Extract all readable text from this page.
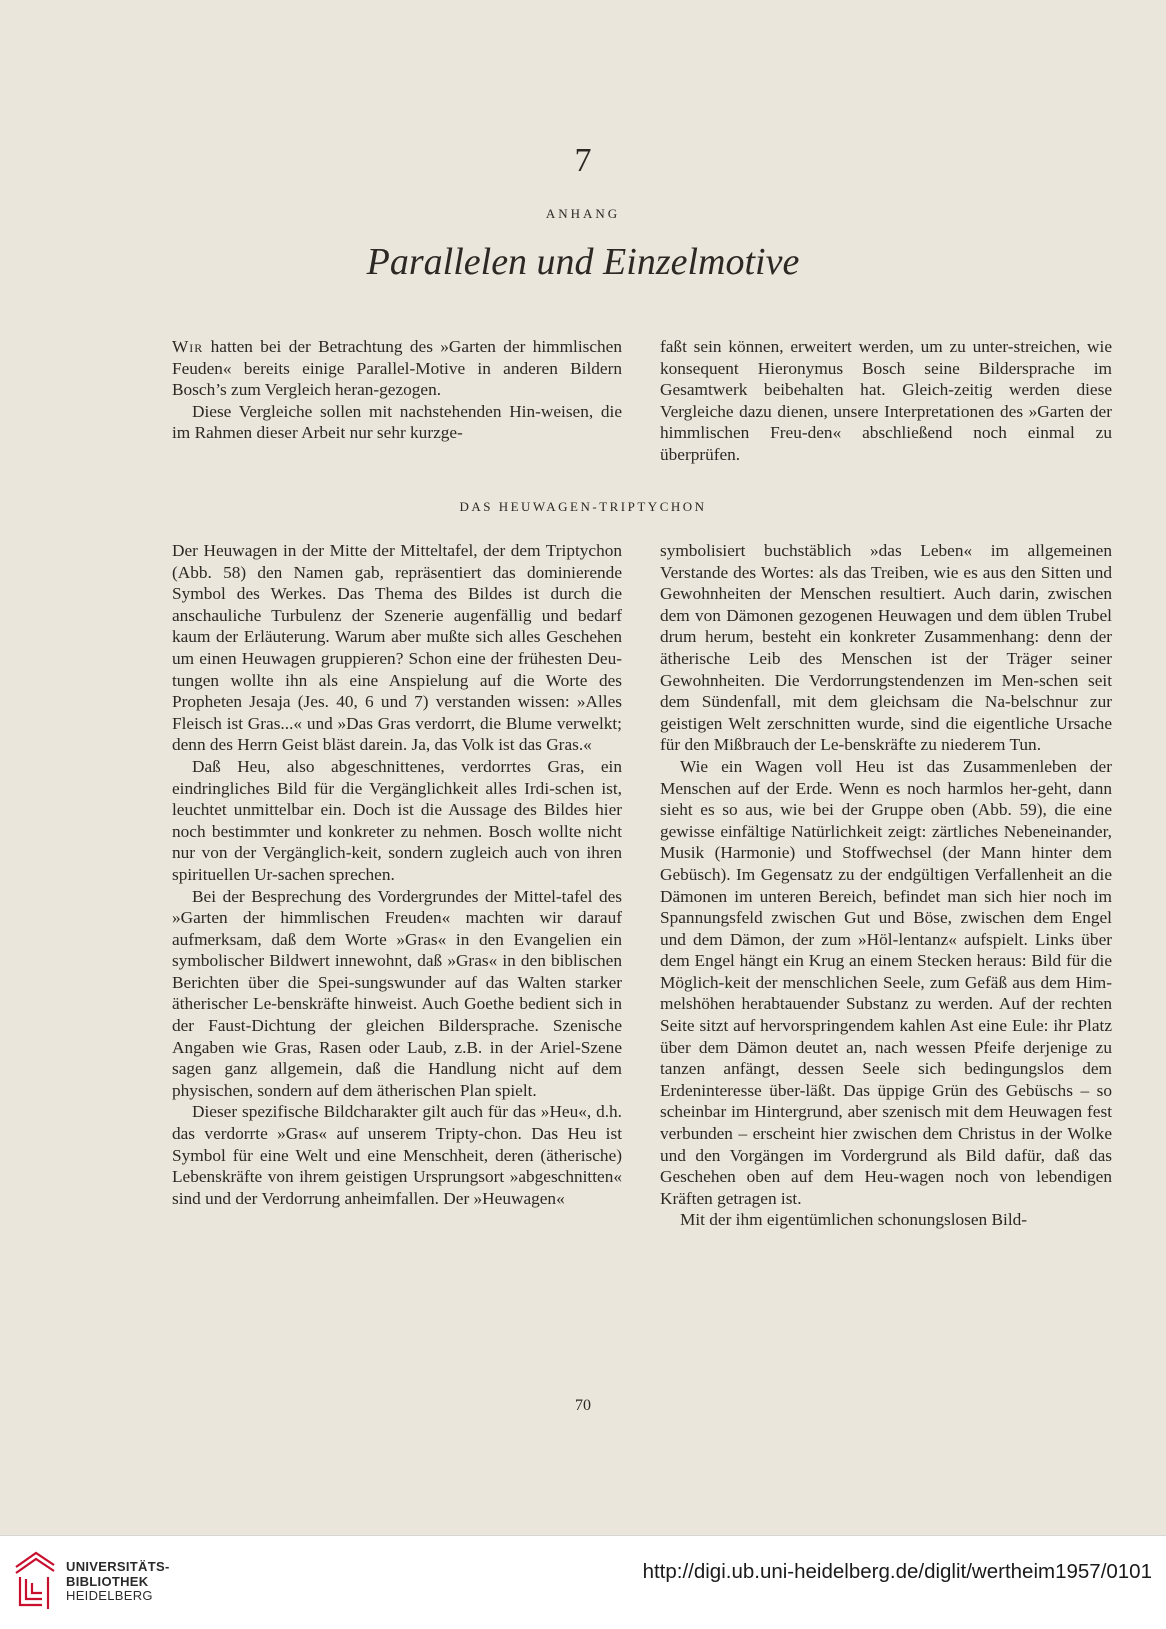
7
ANHANG
Parallelen und Einzelmotive

Wir hatten bei der Betrachtung des »Garten der himmlischen Feuden« bereits einige Parallel-Motive in anderen Bildern Bosch’s zum Vergleich heran-gezogen.

Diese Vergleiche sollen mit nachstehenden Hin-weisen, die im Rahmen dieser Arbeit nur sehr kurzge-

faßt sein können, erweitert werden, um zu unter-streichen, wie konsequent Hieronymus Bosch seine Bildersprache im Gesamtwerk beibehalten hat. Gleich-zeitig werden diese Vergleiche dazu dienen, unsere Interpretationen des »Garten der himmlischen Freu-den« abschließend noch einmal zu überprüfen.

DAS HEUWAGEN-TRIPTYCHON

Der Heuwagen in der Mitte der Mitteltafel, der dem Triptychon (Abb. 58) den Namen gab, repräsentiert das dominierende Symbol des Werkes. Das Thema des Bildes ist durch die anschauliche Turbulenz der Szenerie augenfällig und bedarf kaum der Erläuterung. Warum aber mußte sich alles Geschehen um einen Heuwagen gruppieren? Schon eine der frühesten Deu-tungen wollte ihn als eine Anspielung auf die Worte des Propheten Jesaja (Jes. 40, 6 und 7) verstanden wissen: »Alles Fleisch ist Gras...« und »Das Gras verdorrt, die Blume verwelkt; denn des Herrn Geist bläst darein. Ja, das Volk ist das Gras.«

Daß Heu, also abgeschnittenes, verdorrtes Gras, ein eindringliches Bild für die Vergänglichkeit alles Irdi-schen ist, leuchtet unmittelbar ein. Doch ist die Aussage des Bildes hier noch bestimmter und konkreter zu nehmen. Bosch wollte nicht nur von der Vergänglich-keit, sondern zugleich auch von ihren spirituellen Ur-sachen sprechen.

Bei der Besprechung des Vordergrundes der Mittel-tafel des »Garten der himmlischen Freuden« machten wir darauf aufmerksam, daß dem Worte »Gras« in den Evangelien ein symbolischer Bildwert innewohnt, daß »Gras« in den biblischen Berichten über die Spei-sungswunder auf das Walten starker ätherischer Le-benskräfte hinweist. Auch Goethe bedient sich in der Faust-Dichtung der gleichen Bildersprache. Szenische Angaben wie Gras, Rasen oder Laub, z.B. in der Ariel-Szene sagen ganz allgemein, daß die Handlung nicht auf dem physischen, sondern auf dem ätherischen Plan spielt.

Dieser spezifische Bildcharakter gilt auch für das »Heu«, d.h. das verdorrte »Gras« auf unserem Tripty-chon. Das Heu ist Symbol für eine Welt und eine Menschheit, deren (ätherische) Lebenskräfte von ihrem geistigen Ursprungsort »abgeschnitten« sind und der Verdorrung anheimfallen. Der »Heuwagen«

symbolisiert buchstäblich »das Leben« im allgemeinen Verstande des Wortes: als das Treiben, wie es aus den Sitten und Gewohnheiten der Menschen resultiert. Auch darin, zwischen dem von Dämonen gezogenen Heuwagen und dem üblen Trubel drum herum, besteht ein konkreter Zusammenhang: denn der ätherische Leib des Menschen ist der Träger seiner Gewohnheiten. Die Verdorrungstendenzen im Men-schen seit dem Sündenfall, mit dem gleichsam die Na-belschnur zur geistigen Welt zerschnitten wurde, sind die eigentliche Ursache für den Mißbrauch der Le-benskräfte zu niederem Tun.

Wie ein Wagen voll Heu ist das Zusammenleben der Menschen auf der Erde. Wenn es noch harmlos her-geht, dann sieht es so aus, wie bei der Gruppe oben (Abb. 59), die eine gewisse einfältige Natürlichkeit zeigt: zärtliches Nebeneinander, Musik (Harmonie) und Stoffwechsel (der Mann hinter dem Gebüsch). Im Gegensatz zu der endgültigen Verfallenheit an die Dämonen im unteren Bereich, befindet man sich hier noch im Spannungsfeld zwischen Gut und Böse, zwischen dem Engel und dem Dämon, der zum »Höl-lentanz« aufspielt. Links über dem Engel hängt ein Krug an einem Stecken heraus: Bild für die Möglich-keit der menschlichen Seele, zum Gefäß aus dem Him-melshöhen herabtauender Substanz zu werden. Auf der rechten Seite sitzt auf hervorspringendem kahlen Ast eine Eule: ihr Platz über dem Dämon deutet an, nach wessen Pfeife derjenige zu tanzen anfängt, dessen Seele sich bedingungslos dem Erdeninteresse über-läßt. Das üppige Grün des Gebüschs – so scheinbar im Hintergrund, aber szenisch mit dem Heuwagen fest verbunden – erscheint hier zwischen dem Christus in der Wolke und den Vorgängen im Vordergrund als Bild dafür, daß das Geschehen oben auf dem Heu-wagen noch von lebendigen Kräften getragen ist.

Mit der ihm eigentümlichen schonungslosen Bild-

70
UNIVERSITÄTS-
BIBLIOTHEK
HEIDELBERG
http://digi.ub.uni-heidelberg.de/diglit/wertheim1957/0101
